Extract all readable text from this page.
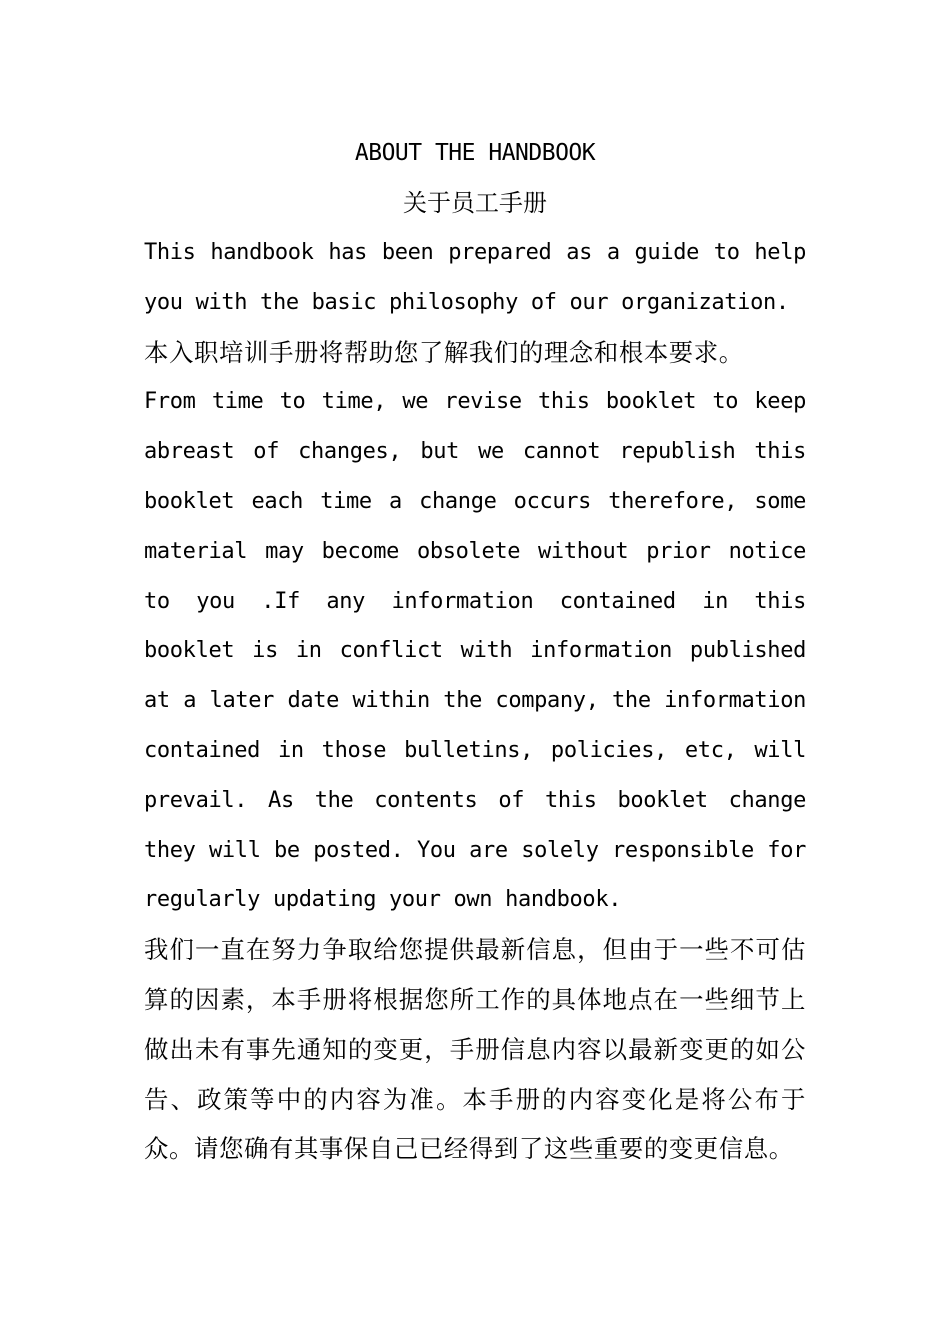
ABOUT THE HANDBOOK
关于员工手册

This handbook has been prepared as a guide to help you with the basic philosophy of our organization.

本入职培训手册将帮助您了解我们的理念和根本要求。

From time to time, we revise this booklet to keep abreast of changes, but we cannot republish this booklet each time a change occurs therefore, some material may become obsolete without prior notice to you .If any information contained in this booklet is in conflict with information published at a later date within the company, the information contained in those bulletins, policies, etc, will prevail. As the contents of this booklet change they will be posted. You are solely responsible for regularly updating your own handbook.

我们一直在努力争取给您提供最新信息，但由于一些不可估算的因素，本手册将根据您所工作的具体地点在一些细节上做出未有事先通知的变更，手册信息内容以最新变更的如公告、政策等中的内容为准。本手册的内容变化是将公布于众。请您确有其事保自己已经得到了这些重要的变更信息。
